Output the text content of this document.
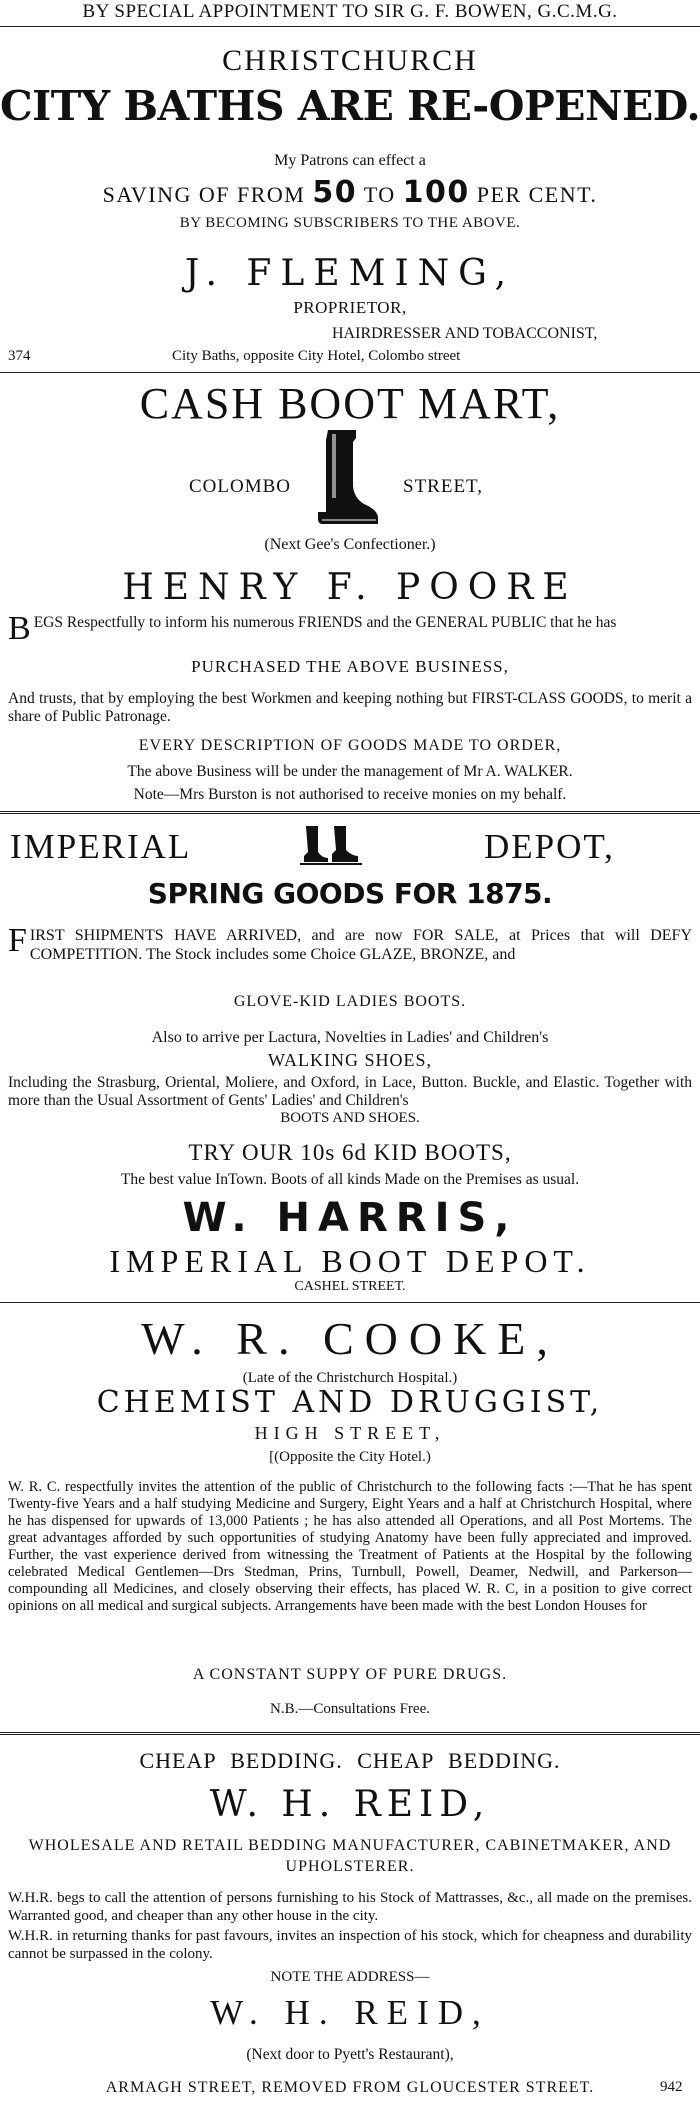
BY SPECIAL APPOINTMENT TO SIR G. F. BOWEN, G.C.M.G.
CHRISTCHURCH
CITY BATHS ARE RE-OPENED.
My Patrons can effect a
SAVING OF FROM 50 TO 100 PER CENT.
BY BECOMING SUBSCRIBERS TO THE ABOVE.
J. FLEMING,
PROPRIETOR,
HAIRDRESSER AND TOBACCONIST,
374	City Baths, opposite City Hotel, Colombo street
CASH BOOT MART,
COLOMBO	STREET,
(Next Gee's Confectioner.)
HENRY F. POORE
B EGS Respectfully to inform his numerous FRIENDS and the GENERAL PUBLIC that he has
PURCHASED THE ABOVE BUSINESS,
And trusts, that by employing the best Workmen and keeping nothing but FIRST-CLASS GOODS, to merit a share of Public Patronage.
EVERY DESCRIPTION OF GOODS MADE TO ORDER,
The above Business will be under the management of Mr A. WALKER.
Note—Mrs Burston is not authorised to receive monies on my behalf.
IMPERIAL	DEPOT,
SPRING GOODS FOR 1875.
F IRST SHIPMENTS HAVE ARRIVED, and are now FOR SALE, at Prices that will DEFY COMPETITION. The Stock includes some Choice GLAZE, BRONZE, and
GLOVE-KID LADIES BOOTS.
Also to arrive per Lactura, Novelties in Ladies' and Children's
WALKING SHOES,
Including the Strasburg, Oriental, Moliere, and Oxford, in Lace, Button. Buckle, and Elastic. Together with more than the Usual Assortment of Gents' Ladies' and Children's
BOOTS AND SHOES.
TRY OUR 10s 6d KID BOOTS,
The best value InTown. Boots of all kinds Made on the Premises as usual.
W. HARRIS,
IMPERIAL BOOT DEPOT.
CASHEL STREET.
W. R. COOKE,
(Late of the Christchurch Hospital.)
CHEMIST AND DRUGGIST,
HIGH STREET,
[(Opposite the City Hotel.)
W. R. C. respectfully invites the attention of the public of Christchurch to the following facts :—That he has spent Twenty-five Years and a half studying Medicine and Surgery, Eight Years and a half at Christchurch Hospital, where he has dispensed for upwards of 13,000 Patients ; he has also attended all Operations, and all Post Mortems. The great advantages afforded by such opportunities of studying Anatomy have been fully appreciated and improved. Further, the vast experience derived from witnessing the Treatment of Patients at the Hospital by the following celebrated Medical Gentlemen—Drs Stedman, Prins, Turnbull, Powell, Deamer, Nedwill, and Parkerson—compounding all Medicines, and closely observing their effects, has placed W. R. C, in a position to give correct opinions on all medical and surgical subjects. Arrangements have been made with the best London Houses for
A CONSTANT SUPPY OF PURE DRUGS.
N.B.—Consultations Free.
CHEAP BEDDING. CHEAP BEDDING.
W. H. REID,
WHOLESALE AND RETAIL BEDDING MANUFACTURER, CABINETMAKER, AND UPHOLSTERER.
W.H.R. begs to call the attention of persons furnishing to his Stock of Mattrasses, &c., all made on the premises. Warranted good, and cheaper than any other house in the city.
W.H.R. in returning thanks for past favours, invites an inspection of his stock, which for cheapness and durability cannot be surpassed in the colony.
NOTE THE ADDRESS—
W. H. REID,
(Next door to Pyett's Restaurant),
ARMAGH STREET, REMOVED FROM GLOUCESTER STREET.	942
